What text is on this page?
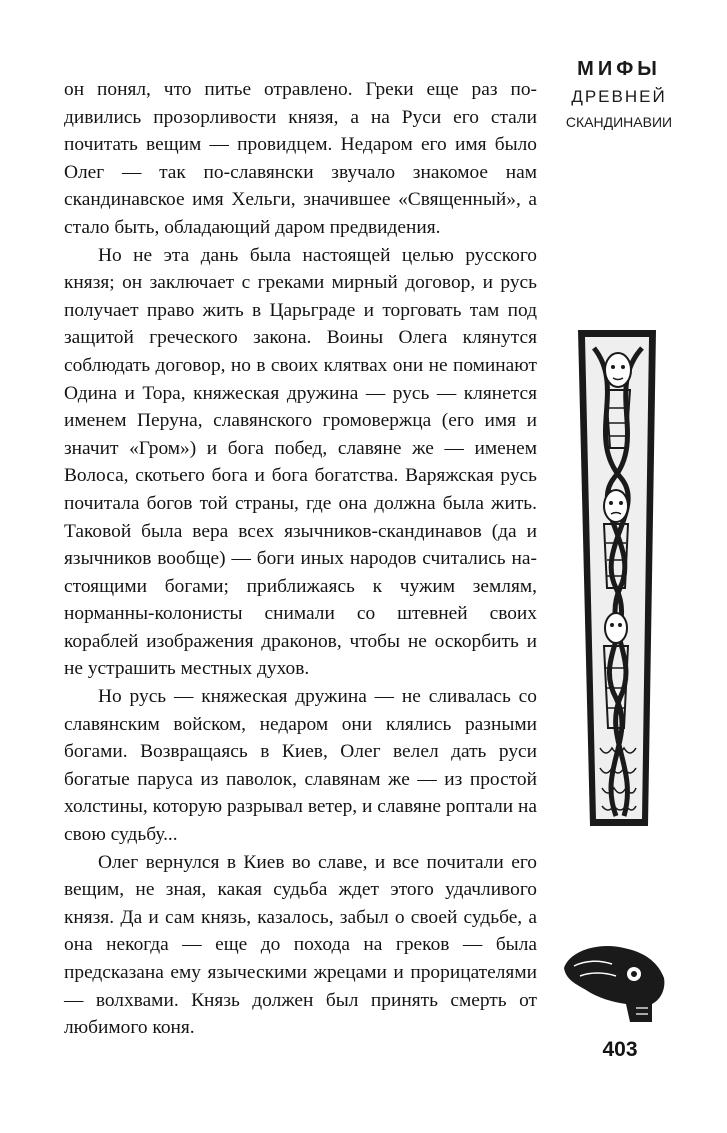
он понял, что питье отравлено. Греки еще раз подивились прозорливости князя, а на Руси его стали почитать вещим — провидцем. Недаром его имя было Олег — так по-славянски звучало знакомое нам скандинавское имя Хельги, значившее «Священный», а стало быть, обладающий даром предвидения.

Но не эта дань была настоящей целью русского князя; он заключает с греками мирный договор, и русь получает право жить в Царьграде и торговать там под защитой греческого закона. Воины Олега клянутся соблюдать договор, но в своих клятвах они не поминают Одина и Тора, княжеская дружина — русь — клянется именем Перуна, славянского громовержца (его имя и значит «Гром») и бога побед, славяне же — именем Волоса, скотьего бога и бога богатства. Варяжская русь почитала богов той страны, где она должна была жить. Таковой была вера всех язычников-скандинавов (да и язычников вообще) — боги иных народов считались настоящими богами; приближаясь к чужим землям, норманны-колонисты снимали со штевней своих кораблей изображения драконов, чтобы не оскорбить и не устрашить местных духов.

Но русь — княжеская дружина — не сливалась со славянским войском, недаром они клялись разными богами. Возвращаясь в Киев, Олег велел дать руси богатые паруса из паволок, славянам же — из простой холстины, которую разрывал ветер, и славяне роптали на свою судьбу...

Олег вернулся в Киев во славе, и все почитали его вещим, не зная, какая судьба ждет этого удачливого князя. Да и сам князь, казалось, забыл о своей судьбе, а она некогда — еще до похода на греков — была предсказана ему языческими жрецами и прорицателями — волхвами. Князь должен был принять смерть от любимого коня.

МИФЫ
ДРЕВНЕЙ
СКАНДИНАВИИ
403
